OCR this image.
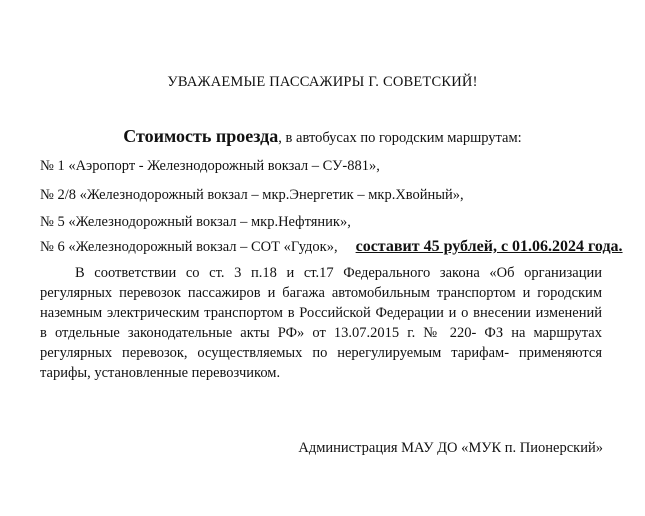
УВАЖАЕМЫЕ ПАССАЖИРЫ Г. СОВЕТСКИЙ!
Стоимость проезда, в автобусах по городским маршрутам:
№ 1 «Аэропорт - Железнодорожный вокзал – СУ-881»,
№ 2/8 «Железнодорожный вокзал – мкр.Энергетик – мкр.Хвойный»,
№ 5 «Железнодорожный вокзал – мкр.Нефтяник»,
№ 6 «Железнодорожный вокзал – СОТ «Гудок», составит 45 рублей, с 01.06.2024 года.
В соответствии со ст. 3 п.18 и ст.17 Федерального закона «Об организации регулярных перевозок пассажиров и багажа автомобильным транспортом и городским наземным электрическим транспортом в Российской Федерации и о внесении изменений в отдельные законодательные акты РФ» от 13.07.2015 г. № 220- ФЗ на маршрутах регулярных перевозок, осуществляемых по нерегулируемым тарифам- применяются тарифы, установленные перевозчиком.
Администрация МАУ ДО «МУК п. Пионерский»
